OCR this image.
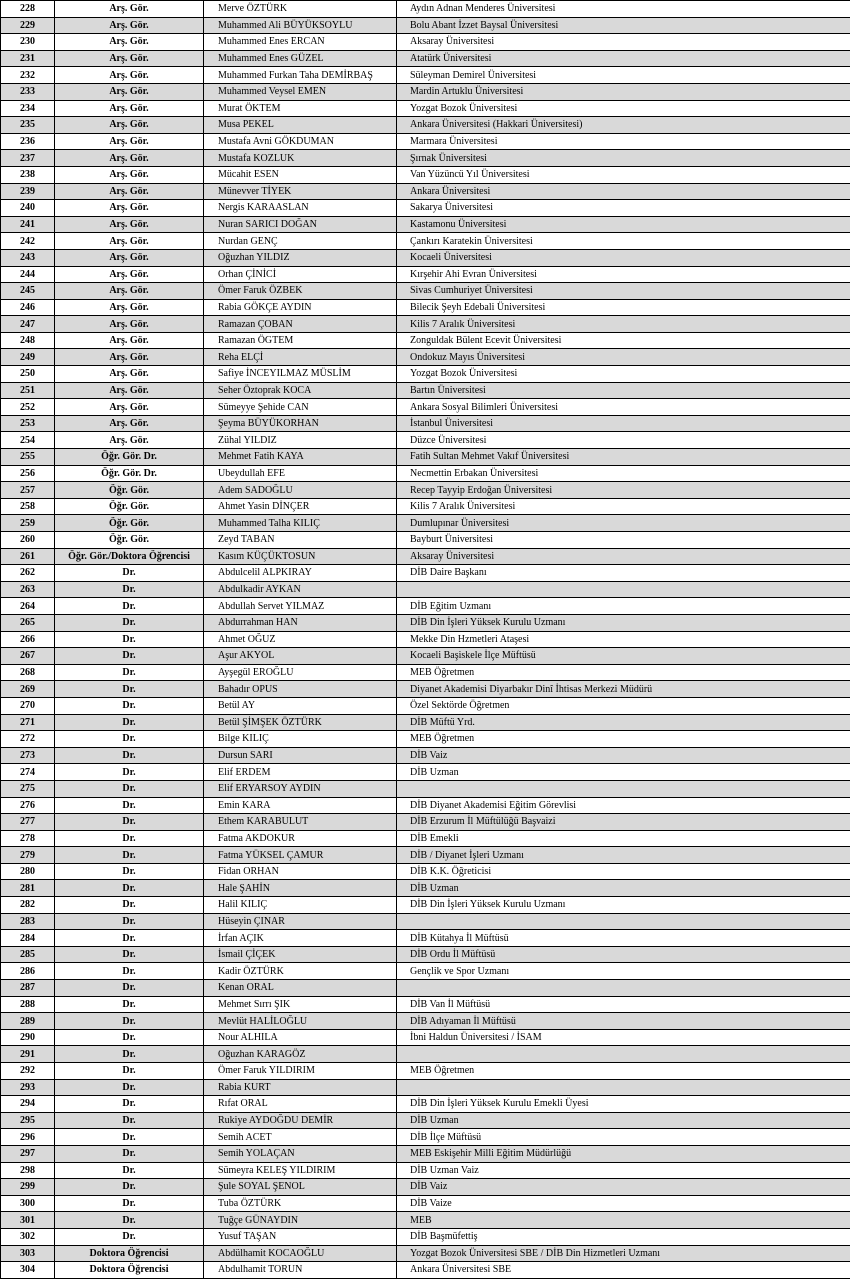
228	Arş. Gör.	Merve ÖZTÜRK	Aydın Adnan Menderes Üniversitesi
229	Arş. Gör.	Muhammed Ali BÜYÜKSOYLU	Bolu Abant İzzet Baysal Üniversitesi
230	Arş. Gör.	Muhammed Enes ERCAN	Aksaray Üniversitesi
231	Arş. Gör.	Muhammed Enes GÜZEL	Atatürk Üniversitesi
232	Arş. Gör.	Muhammed Furkan Taha DEMİRBAŞ	Süleyman Demirel Üniversitesi
233	Arş. Gör.	Muhammed Veysel EMEN	Mardin Artuklu Üniversitesi
234	Arş. Gör.	Murat ÖKTEM	Yozgat Bozok Üniversitesi
235	Arş. Gör.	Musa PEKEL	Ankara Üniversitesi (Hakkari Üniversitesi)
236	Arş. Gör.	Mustafa Avni GÖKDUMAN	Marmara Üniversitesi
237	Arş. Gör.	Mustafa KOZLUK	Şırnak Üniversitesi
238	Arş. Gör.	Mücahit ESEN	Van Yüzüncü Yıl Üniversitesi
239	Arş. Gör.	Münevver TİYEK	Ankara Üniversitesi
240	Arş. Gör.	Nergis KARAASLAN	Sakarya Üniversitesi
241	Arş. Gör.	Nuran SARICI DOĞAN	Kastamonu Üniversitesi
242	Arş. Gör.	Nurdan GENÇ	Çankırı Karatekin Üniversitesi
243	Arş. Gör.	Oğuzhan YILDIZ	Kocaeli Üniversitesi
244	Arş. Gör.	Orhan ÇİNİCİ	Kırşehir Ahi Evran Üniversitesi
245	Arş. Gör.	Ömer Faruk ÖZBEK	Sivas Cumhuriyet Üniversitesi
246	Arş. Gör.	Rabia GÖKÇE AYDIN	Bilecik Şeyh Edebali Üniversitesi
247	Arş. Gör.	Ramazan ÇOBAN	Kilis 7 Aralık Üniversitesi
248	Arş. Gör.	Ramazan ÖGTEM	Zonguldak Bülent Ecevit Üniversitesi
249	Arş. Gör.	Reha ELÇİ	Ondokuz Mayıs Üniversitesi
250	Arş. Gör.	Safiye İNCEYILMAZ MÜSLİM	Yozgat Bozok Üniversitesi
251	Arş. Gör.	Seher Öztoprak KOCA	Bartın Üniversitesi
252	Arş. Gör.	Sümeyye Şehide CAN	Ankara Sosyal Bilimleri Üniversitesi
253	Arş. Gör.	Şeyma BÜYÜKORHAN	İstanbul Üniversitesi
254	Arş. Gör.	Zühal YILDIZ	Düzce Üniversitesi
255	Öğr. Gör. Dr.	Mehmet Fatih KAYA	Fatih Sultan Mehmet Vakıf Üniversitesi
256	Öğr. Gör. Dr.	Ubeydullah EFE	Necmettin Erbakan Üniversitesi
257	Öğr. Gör.	Adem SADOĞLU	Recep Tayyip Erdoğan Üniversitesi
258	Öğr. Gör.	Ahmet Yasin DİNÇER	Kilis 7 Aralık Üniversitesi
259	Öğr. Gör.	Muhammed Talha KILIÇ	Dumlupınar Üniversitesi
260	Öğr. Gör.	Zeyd TABAN	Bayburt Üniversitesi
261	Öğr. Gör./Doktora Öğrencisi	Kasım KÜÇÜKTOSUN	Aksaray Üniversitesi
262	Dr.	Abdulcelil ALPKIRAY	DİB Daire Başkanı
263	Dr.	Abdulkadir AYKAN	
264	Dr.	Abdullah Servet YILMAZ	DİB Eğitim Uzmanı
265	Dr.	Abdurrahman HAN	DİB Din İşleri Yüksek Kurulu Uzmanı
266	Dr.	Ahmet OĞUZ	Mekke Din Hzmetleri Ataşesi
267	Dr.	Aşur AKYOL	Kocaeli Başiskele İlçe Müftüsü
268	Dr.	Ayşegül EROĞLU	MEB Öğretmen
269	Dr.	Bahadır OPUS	Diyanet Akademisi Diyarbakır Dinî İhtisas Merkezi Müdürü
270	Dr.	Betül AY	Özel Sektörde Öğretmen
271	Dr.	Betül ŞİMŞEK ÖZTÜRK	DİB Müftü Yrd.
272	Dr.	Bilge KILIÇ	MEB Öğretmen
273	Dr.	Dursun SARI	DİB Vaiz
274	Dr.	Elif ERDEM	DİB Uzman
275	Dr.	Elif ERYARSOY AYDIN	
276	Dr.	Emin KARA	DİB Diyanet Akademisi Eğitim Görevlisi
277	Dr.	Ethem KARABULUT	DİB Erzurum İl Müftülüğü Başvaizi
278	Dr.	Fatma AKDOKUR	DİB Emekli
279	Dr.	Fatma YÜKSEL ÇAMUR	DİB / Diyanet İşleri Uzmanı
280	Dr.	Fidan ORHAN	DİB K.K. Öğreticisi
281	Dr.	Hale ŞAHİN	DİB Uzman
282	Dr.	Halil KILIÇ	DİB Din İşleri Yüksek Kurulu Uzmanı
283	Dr.	Hüseyin ÇINAR	
284	Dr.	İrfan AÇIK	DİB Kütahya İl Müftüsü
285	Dr.	İsmail ÇİÇEK	DİB Ordu İl Müftüsü
286	Dr.	Kadir ÖZTÜRK	Gençlik ve Spor Uzmanı
287	Dr.	Kenan ORAL	
288	Dr.	Mehmet Sırrı ŞIK	DİB Van İl Müftüsü
289	Dr.	Mevlüt HALİLOĞLU	DİB Adıyaman İl Müftüsü
290	Dr.	Nour ALHILA	İbni Haldun Üniversitesi / İSAM
291	Dr.	Oğuzhan KARAGÖZ	
292	Dr.	Ömer Faruk YILDIRIM	MEB Öğretmen
293	Dr.	Rabia KURT	
294	Dr.	Rıfat ORAL	DİB Din İşleri Yüksek Kurulu Emekli Üyesi
295	Dr.	Rukiye AYDOĞDU DEMİR	DİB Uzman
296	Dr.	Semih ACET	DİB İlçe Müftüsü
297	Dr.	Semih YOLAÇAN	MEB Eskişehir Milli Eğitim Müdürlüğü
298	Dr.	Sümeyra KELEŞ YILDIRIM	DİB Uzman Vaiz
299	Dr.	Şule SOYAL ŞENOL	DİB Vaiz
300	Dr.	Tuba ÖZTÜRK	DİB Vaize
301	Dr.	Tuğçe GÜNAYDIN	MEB
302	Dr.	Yusuf TAŞAN	DİB Başmüfettiş
303	Doktora Öğrencisi	Abdülhamit KOCAOĞLU	Yozgat Bozok Üniversitesi SBE / DİB Din Hizmetleri Uzmanı
304	Doktora Öğrencisi	Abdulhamit TORUN	Ankara Üniversitesi SBE
